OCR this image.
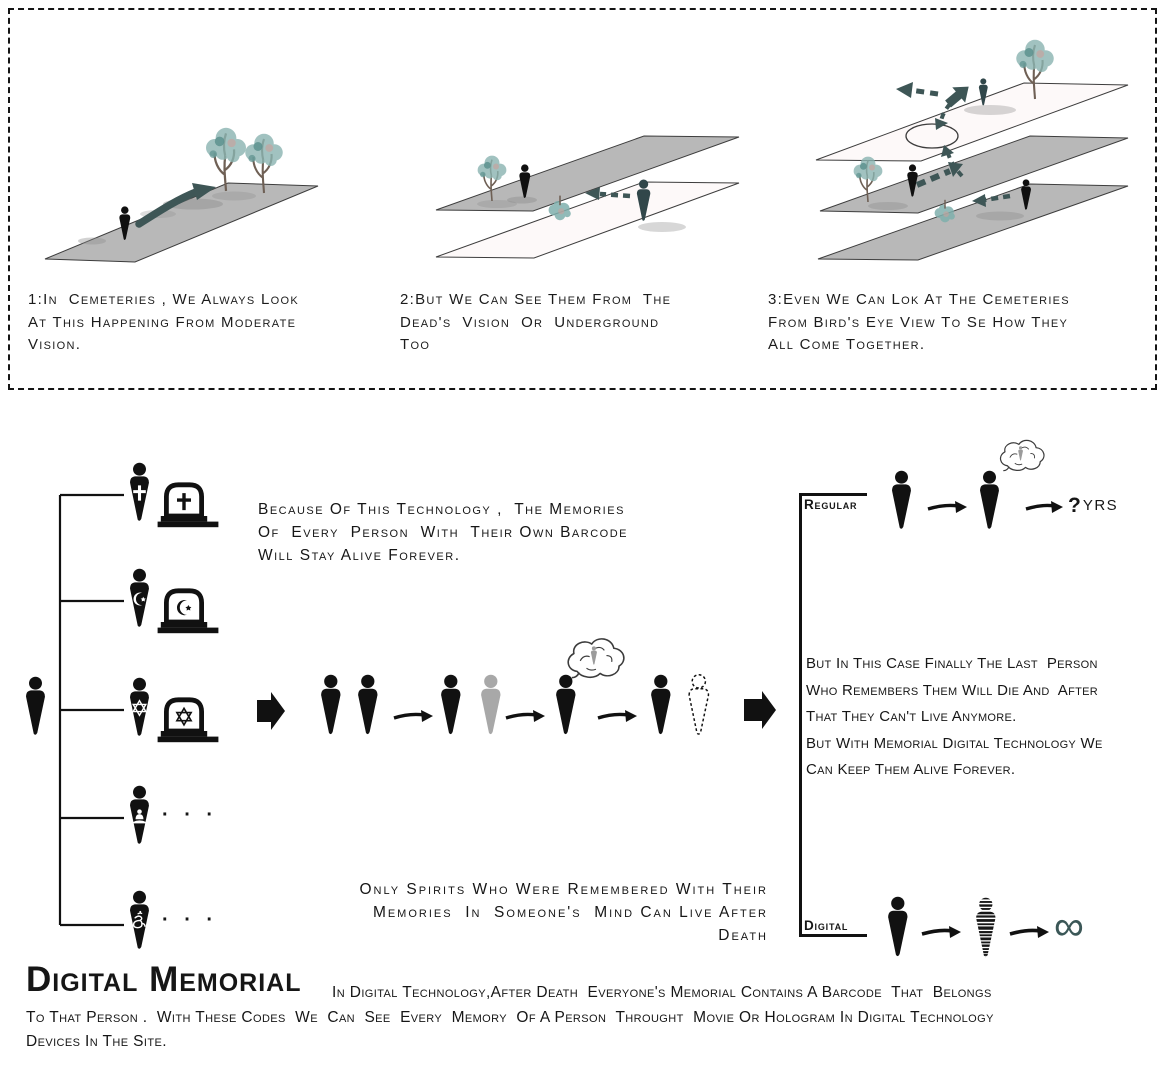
1:In  Cemeteries , We Always Look
At This Happening From Moderate
Vision.
2:But We Can See Them From  The
Dead's  Vision  Or  Underground
Too
3:Even We Can Lok At The Cemeteries
From Bird's Eye View To Se How They
All Come Together.
· · ·
· · ·
Because Of This Technology ,  The Memories
Of  Every  Person  With  Their Own Barcode
Will Stay Alive Forever.
Only Spirits Who Were Remembered With Their
Memories  In  Someone's  Mind Can Live After
Death
Regular
Digital
? YRS
But In This Case Finally The Last  Person
Who Remembers Them Will Die And  After
That They Can't Live Anymore.
But With Memorial Digital Technology We
Can Keep Them Alive Forever.
∞
Digital Memorial In Digital Technology,After Death  Everyone's Memorial Contains A Barcode  That  Belongs
To That Person .  With These Codes  We  Can  See  Every  Memory  Of A Person  Throught  Movie Or Hologram In Digital Technology
Devices In The Site.
